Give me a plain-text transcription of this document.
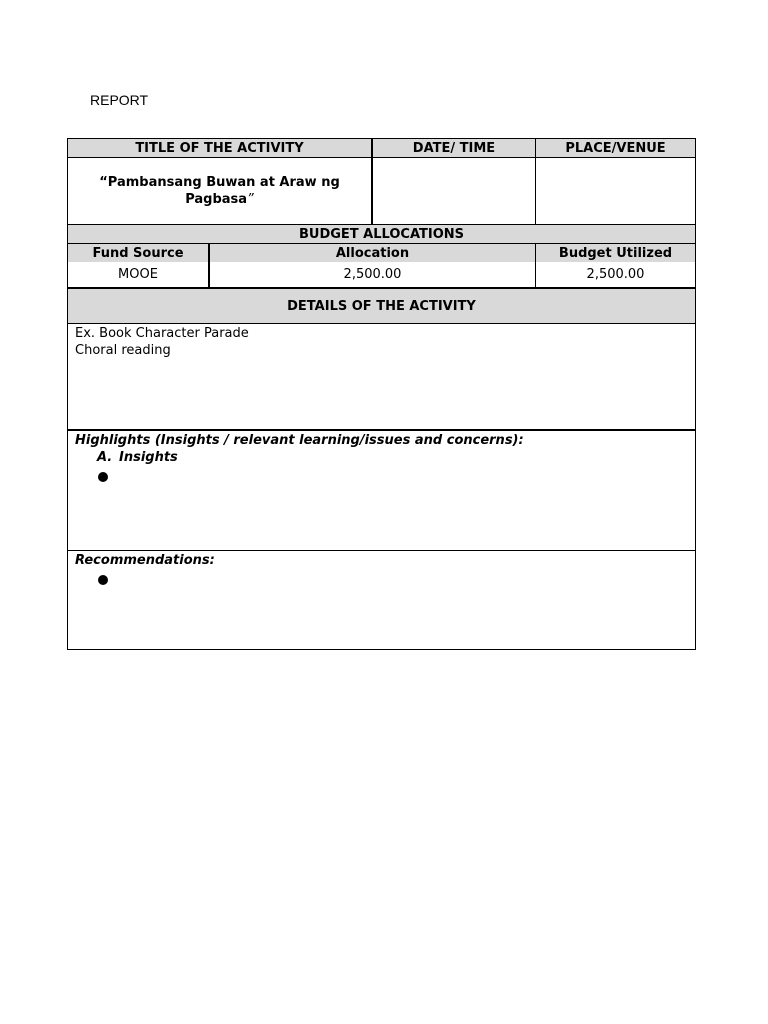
REPORT
TITLE OF THE ACTIVITY	DATE/ TIME	PLACE/VENUE
“Pambansang Buwan at Araw ng
Pagbasa”
BUDGET ALLOCATIONS
Fund Source	Allocation	Budget Utilized
MOOE	2,500.00	2,500.00
DETAILS OF THE ACTIVITY
Ex. Book Character Parade
Choral reading
Highlights (Insights / relevant learning/issues and concerns):
A. Insights
Recommendations:
